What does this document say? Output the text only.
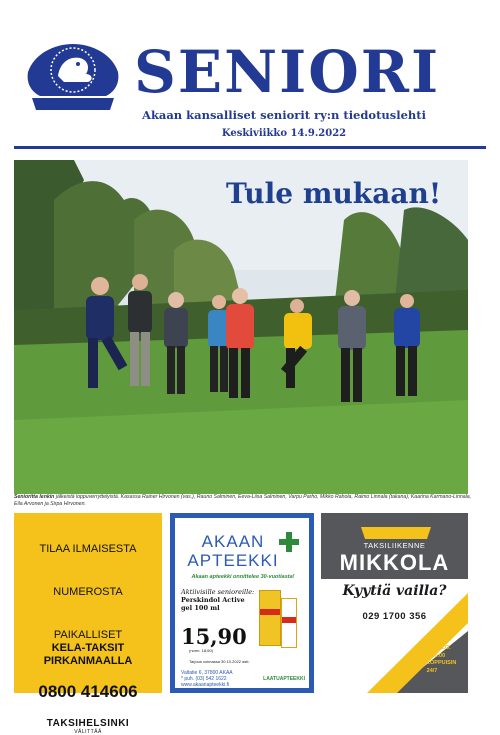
SENIORI
Akaan kansalliset seniorit ry:n tiedotuslehti
Keskiviikko 14.9.2022
Tule mukaan!
Senioritta lenkin jälkeistä loppuverryttelyistä. Kasassa Rainer Hirvonen (vas.), Rauno Salminen, Eeva-Liisa Salminen, Varpu Parho, Mikko Rahola, Raimo Linnala (takana), Kaarina Karmano-Linnala, Eila Arvonen ja Sirpa Hirvonen.
TILAA ILMAISESTA
NUMEROSTA
PAIKALLISET
KELA-TAKSIT
PIRKANMAALLA
0800 414606
TAKSIHELSINKI
VÄLITTÄÄ
AKAAN APTEEKKI
Akaan apteekki onnittelee 30-vuotiasta!
Aktiivisille senioreille:
Perskindol Active gel 100 ml
15,90
(norm. 18,60)
Tarjous voimassa 30.10.2022 asti.
Valtatie 6, 37800 AKAA
* puh. (03) 542 1622
www.akaanapteekki.fi
LAATUAPTEEKKI
TAKSILIIKENNE
MIKKOLA
Kyytiä vailla?
029 1700 356
ARKISIN KLO.
6.30-20.00
VIIKONLOPPUISIN
24/7
